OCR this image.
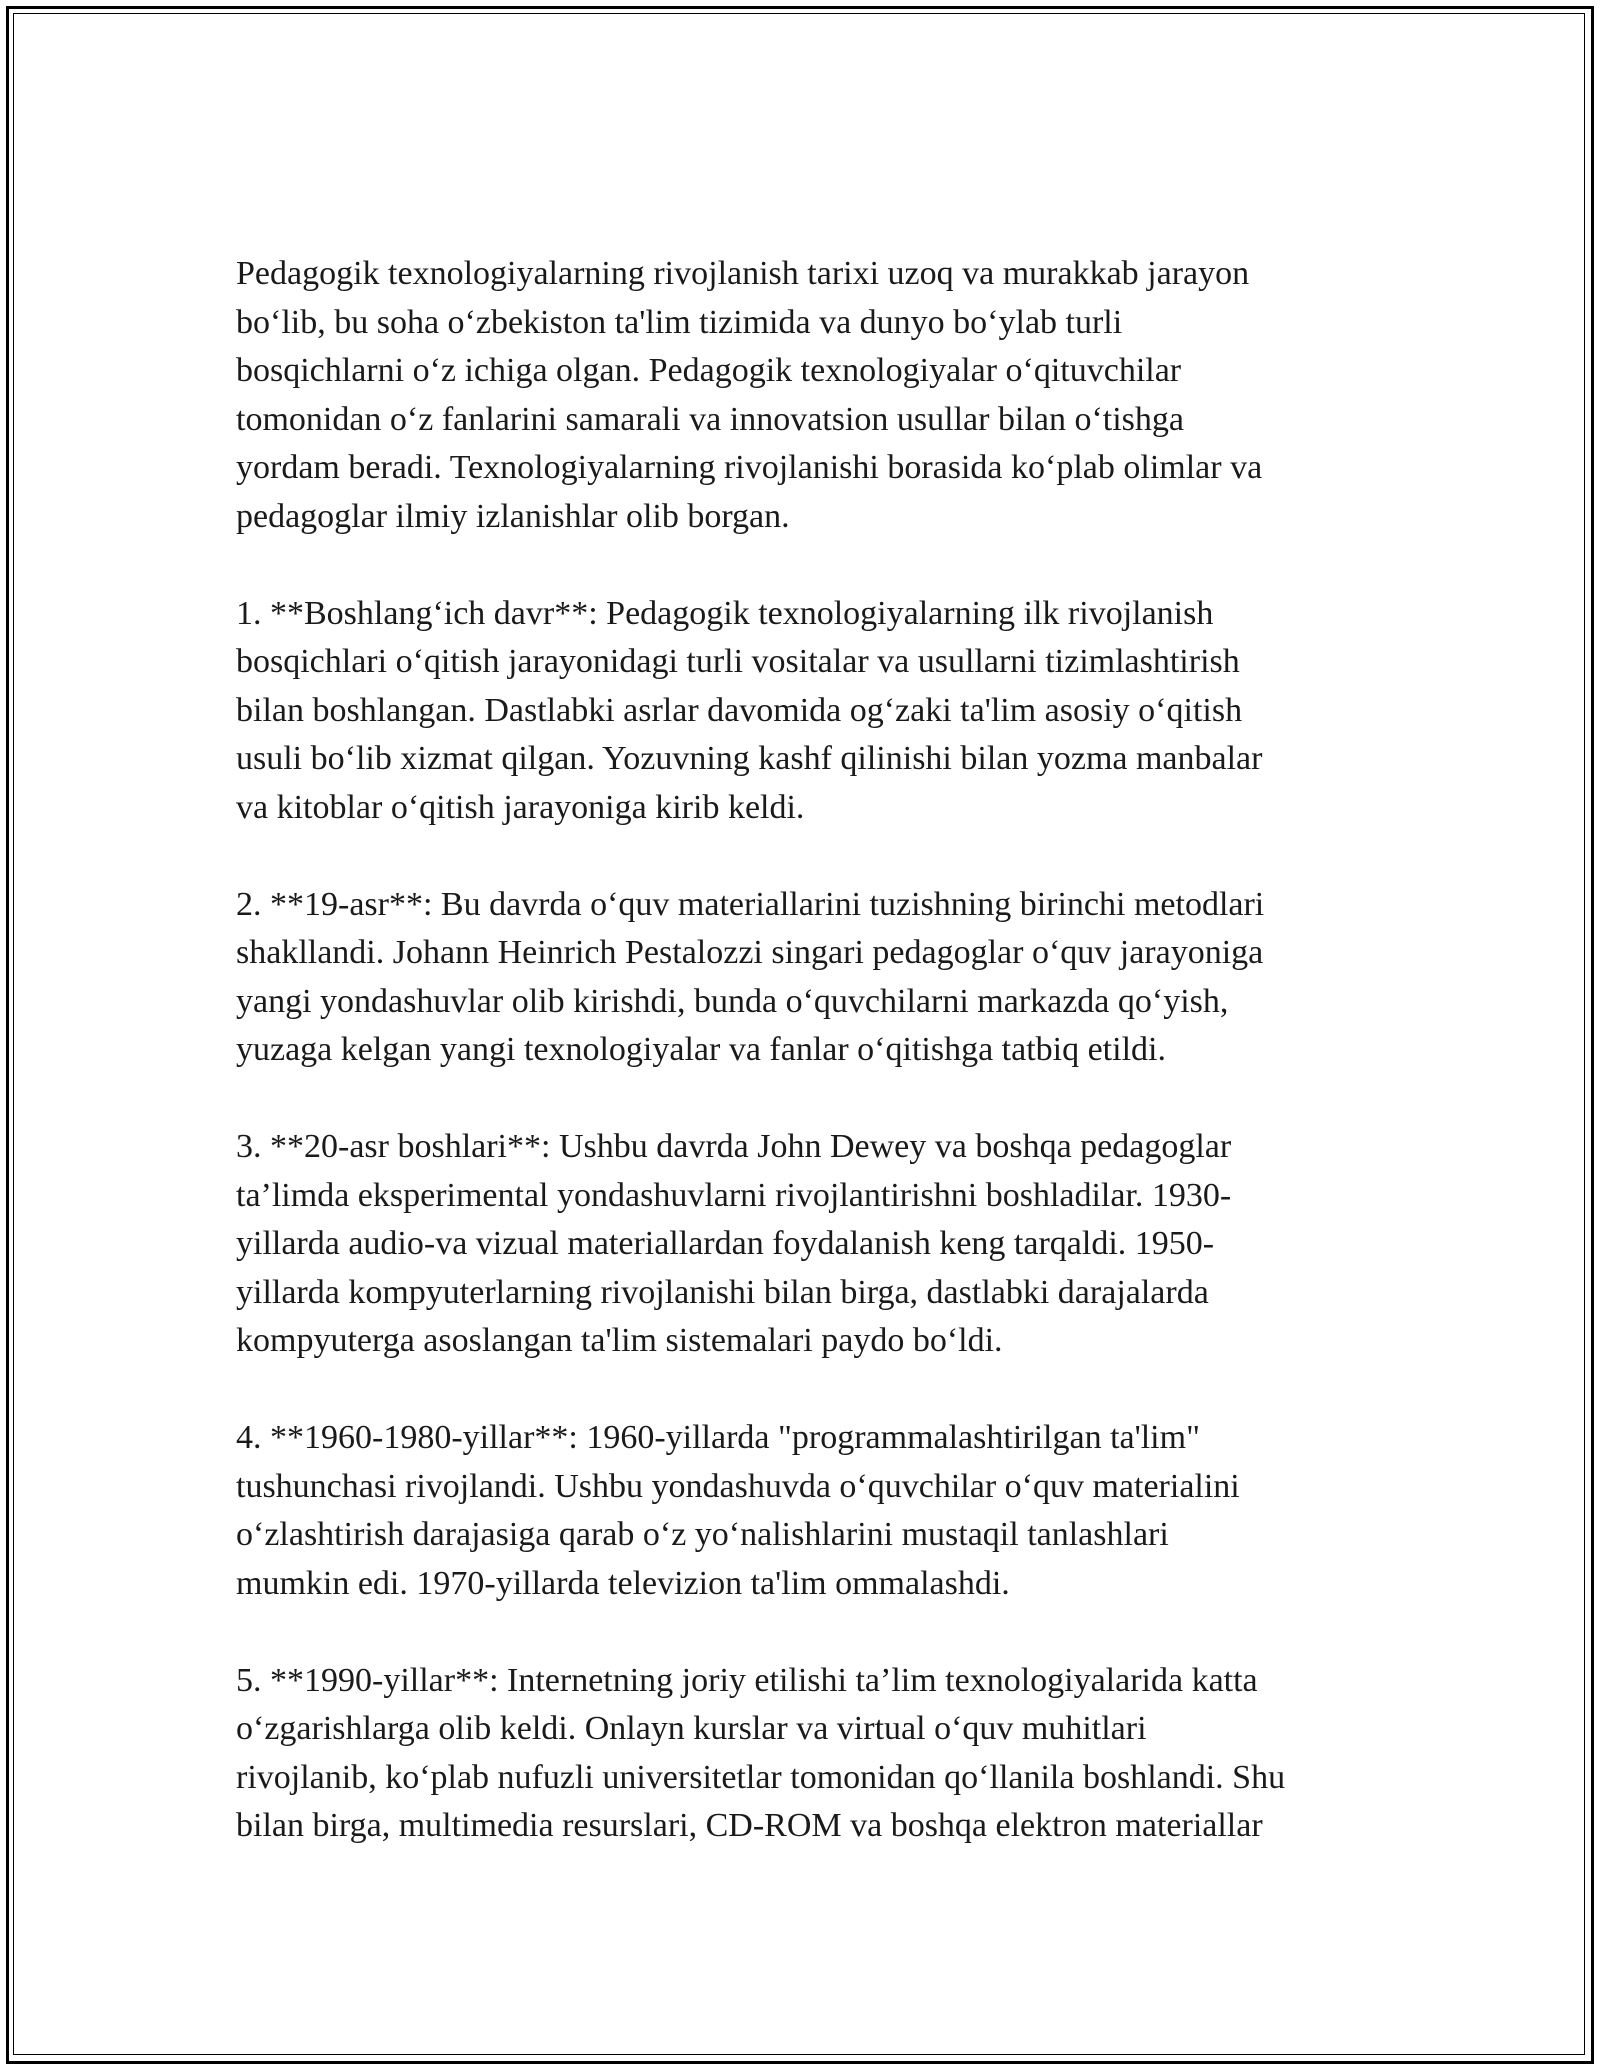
Pedagogik texnologiyalarning rivojlanish tarixi uzoq va murakkab jarayon
boʻlib, bu soha oʻzbekiston ta'lim tizimida va dunyo boʻylab turli
bosqichlarni oʻz ichiga olgan. Pedagogik texnologiyalar oʻqituvchilar
tomonidan oʻz fanlarini samarali va innovatsion usullar bilan oʻtishga
yordam beradi. Texnologiyalarning rivojlanishi borasida koʻplab olimlar va
pedagoglar ilmiy izlanishlar olib borgan.

1. **Boshlangʻich davr**: Pedagogik texnologiyalarning ilk rivojlanish
bosqichlari oʻqitish jarayonidagi turli vositalar va usullarni tizimlashtirish
bilan boshlangan. Dastlabki asrlar davomida ogʻzaki ta'lim asosiy oʻqitish
usuli boʻlib xizmat qilgan. Yozuvning kashf qilinishi bilan yozma manbalar
va kitoblar oʻqitish jarayoniga kirib keldi.

2. **19-asr**: Bu davrda oʻquv materiallarini tuzishning birinchi metodlari
shakllandi. Johann Heinrich Pestalozzi singari pedagoglar oʻquv jarayoniga
yangi yondashuvlar olib kirishdi, bunda oʻquvchilarni markazda qoʻyish,
yuzaga kelgan yangi texnologiyalar va fanlar oʻqitishga tatbiq etildi.

3. **20-asr boshlari**: Ushbu davrda John Dewey va boshqa pedagoglar
ta’limda eksperimental yondashuvlarni rivojlantirishni boshladilar. 1930-
yillarda audio-va vizual materiallardan foydalanish keng tarqaldi. 1950-
yillarda kompyuterlarning rivojlanishi bilan birga, dastlabki darajalarda
kompyuterga asoslangan ta'lim sistemalari paydo boʻldi.

4. **1960-1980-yillar**: 1960-yillarda "programmalashtirilgan ta'lim"
tushunchasi rivojlandi. Ushbu yondashuvda oʻquvchilar oʻquv materialini
oʻzlashtirish darajasiga qarab oʻz yoʻnalishlarini mustaqil tanlashlari
mumkin edi. 1970-yillarda televizion ta'lim ommalashdi.

5. **1990-yillar**: Internetning joriy etilishi ta’lim texnologiyalarida katta
oʻzgarishlarga olib keldi. Onlayn kurslar va virtual oʻquv muhitlari
rivojlanib, koʻplab nufuzli universitetlar tomonidan qoʻllanila boshlandi. Shu
bilan birga, multimedia resurslari, CD-ROM va boshqa elektron materiallar
